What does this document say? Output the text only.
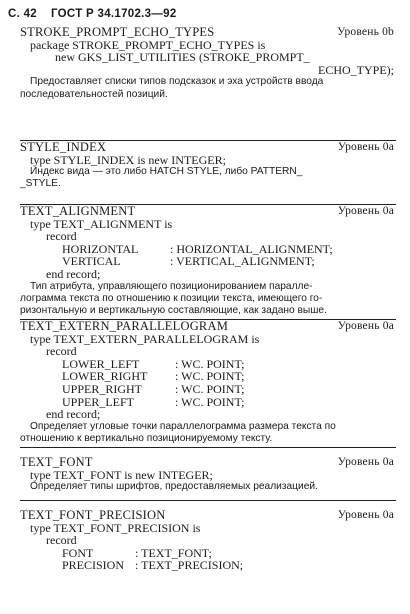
С. 42 ГОСТ Р 34.1702.3—92
STROKE_PROMPT_ECHO_TYPES	Уровень 0b
package STROKE_PROMPT_ECHO_TYPES is
new GKS_LIST_UTILITIES (STROKE_PROMPT_
ECHO_TYPE);

Предоставляет списки типов подсказок и эха устройств ввода

последовательностей позиций.

STYLE_INDEX	Уровень 0a
type STYLE_INDEX is new INTEGER;

Индекс вида — это либо HATCH STYLE, либо PATTERN_

_STYLE.

TEXT_ALIGNMENT	Уровень 0a
type TEXT_ALIGNMENT is
record
HORIZONTAL	: HORIZONTAL_ALIGNMENT;
VERTICAL	: VERTICAL_ALIGNMENT;
end record;

Тип атрибута, управляющего позиционированием паралле-

лограмма текста по отношению к позиции текста, имеющего го-

ризонтальную и вертикальную составляющие, как задано выше.

TEXT_EXTERN_PARALLELOGRAM	Уровень 0a
type TEXT_EXTERN_PARALLELOGRAM is
record
LOWER_LEFT	: WC. POINT;
LOWER_RIGHT : WC. POINT;
UPPER_RIGHT	: WC. POINT;
UPPER_LEFT	: WC. POINT;
end record;

Определяет угловые точки параллелограмма размера текста по

отношению к вертикально позиционируемому тексту.

TEXT_FONT	Уровень 0a
type TEXT_FONT is new INTEGER;

Определяет типы шрифтов, предоставляемых реализацией.

TEXT_FONT_PRECISION	Уровень 0a
type TEXT_FONT_PRECISION is
record
FONT	: TEXT_FONT;
PRECISION : TEXT_PRECISION;
